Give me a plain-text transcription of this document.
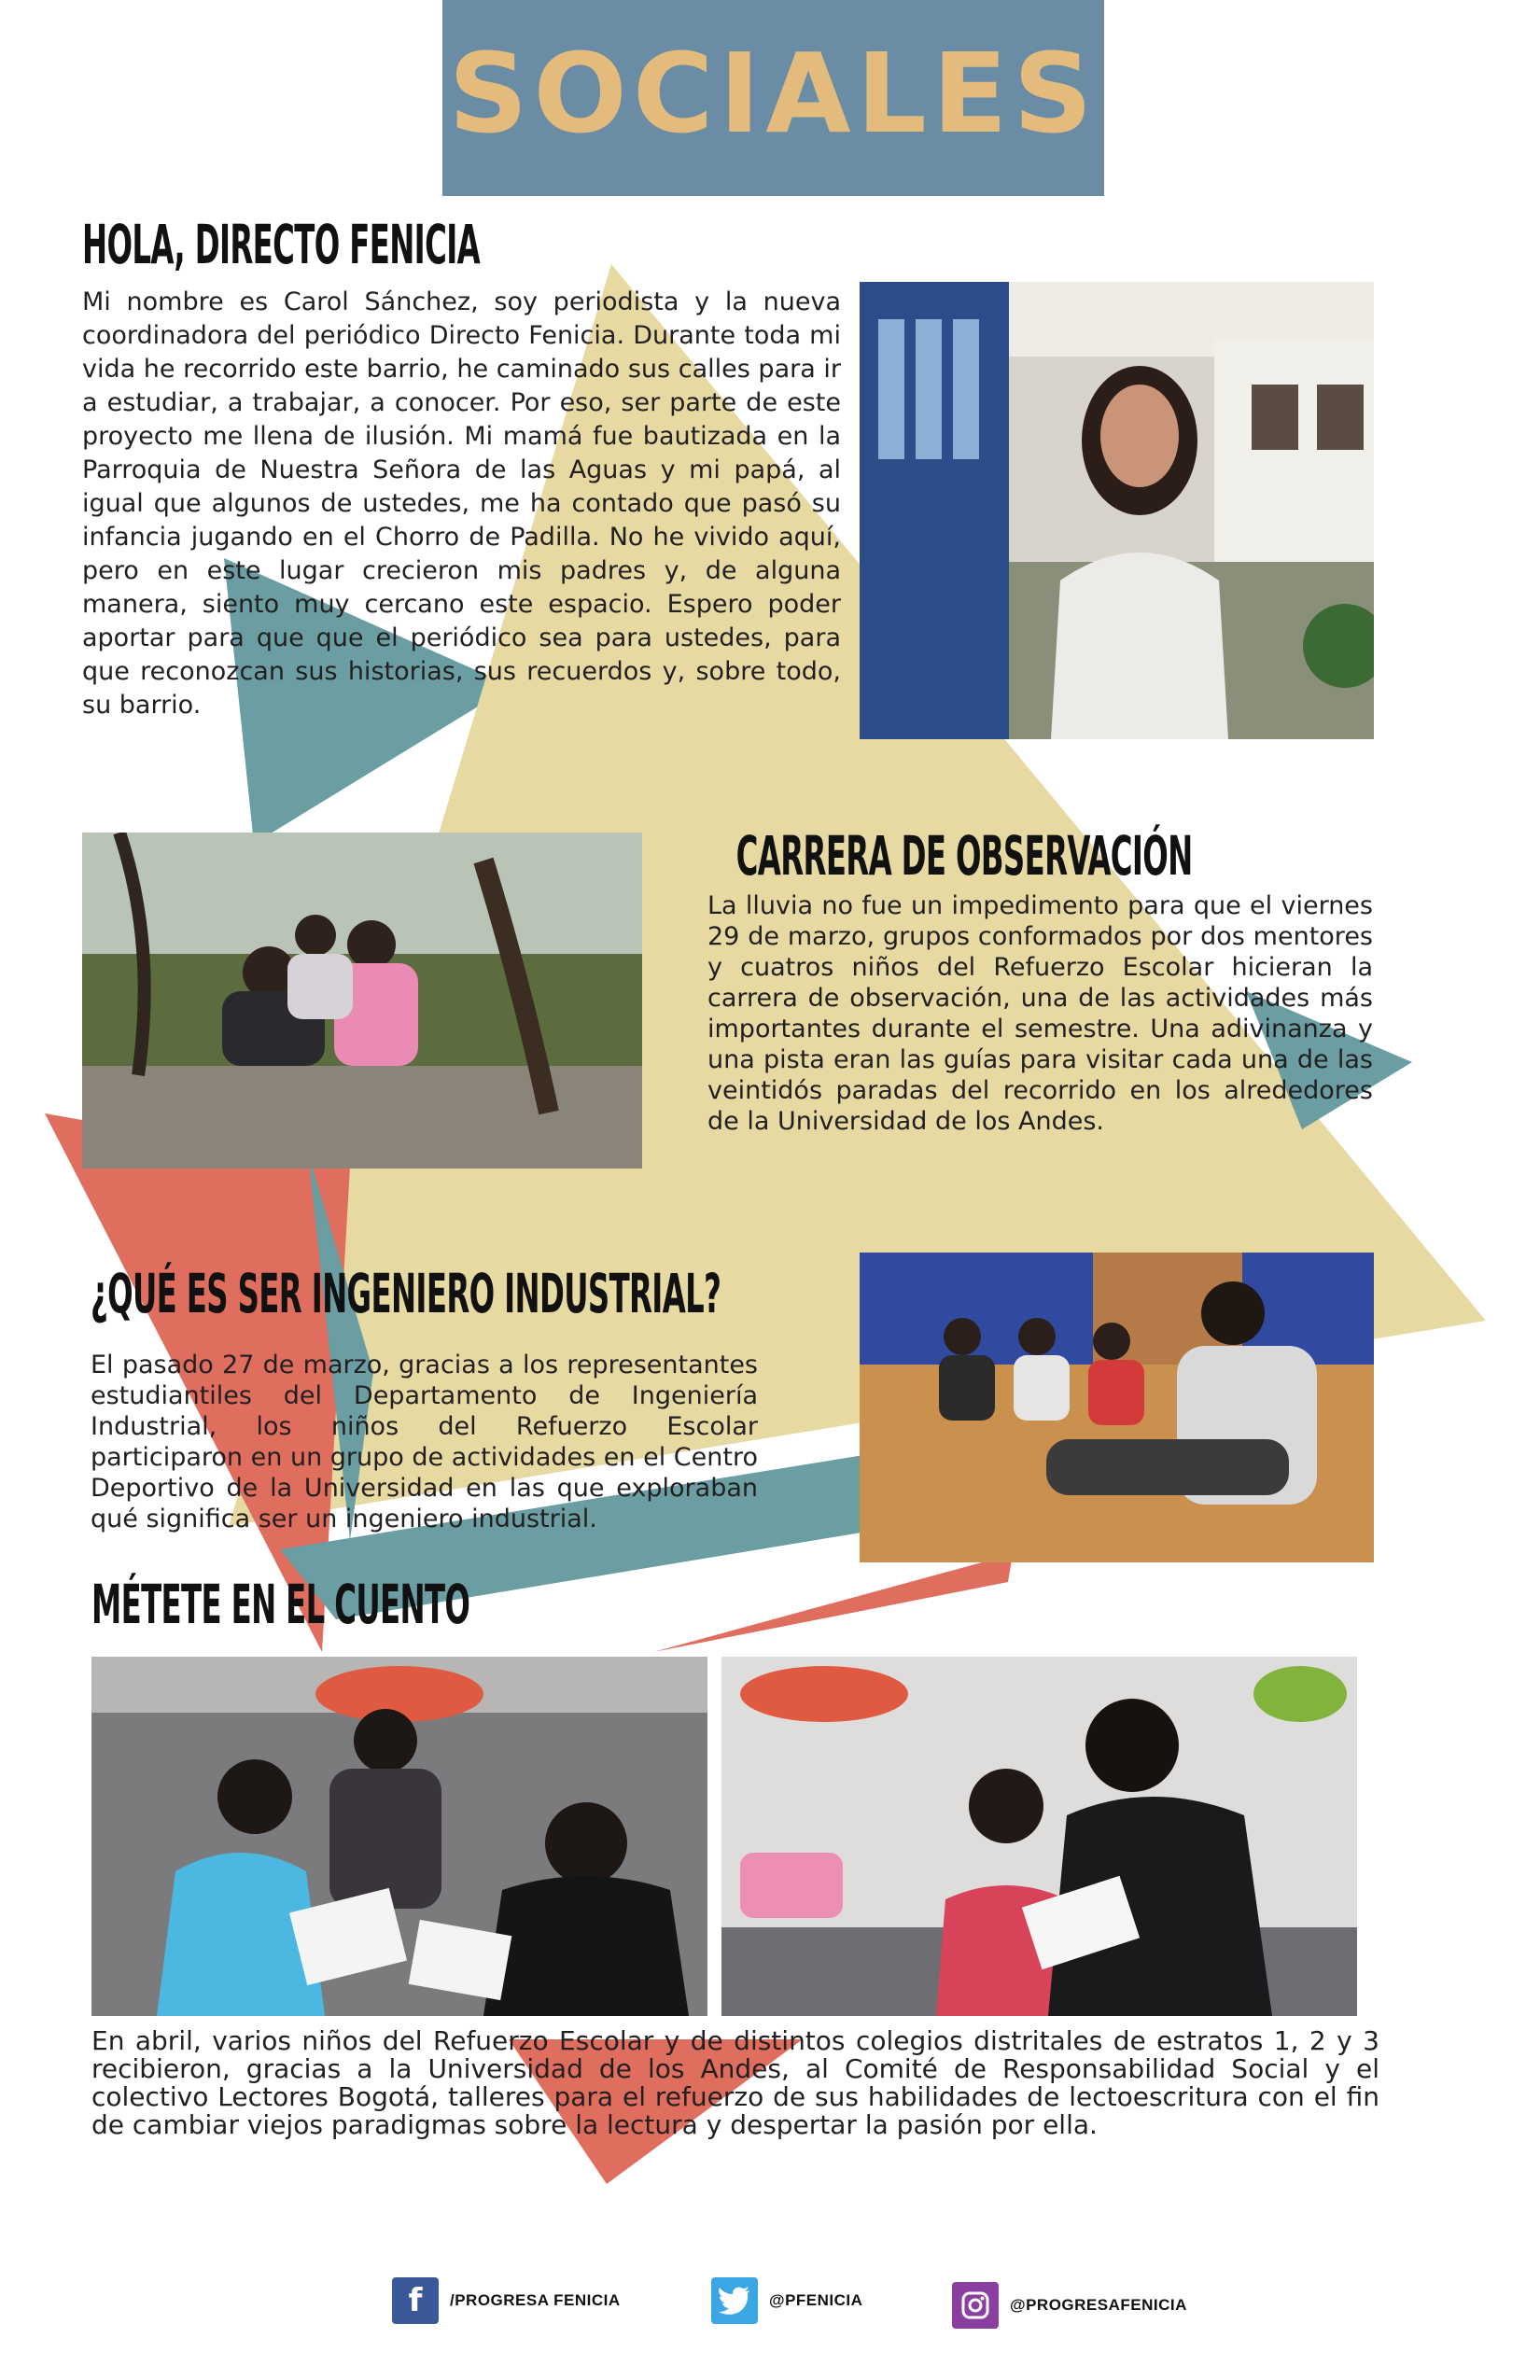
SOCIALES
HOLA, DIRECTO FENICIA

Mi nombre es Carol Sánchez, soy periodista y la nueva coordinadora del periódico Directo Fenicia. Durante toda mi vida he recorrido este barrio, he caminado sus calles para ir a estudiar, a trabajar, a conocer. Por eso, ser parte de este proyecto me llena de ilusión. Mi mamá fue bautizada en la Parroquia de Nuestra Señora de las Aguas y mi papá, al igual que algunos de ustedes, me ha contado que pasó su infancia jugando en el Chorro de Padilla. No he vivido aquí, pero en este lugar crecieron mis padres y, de alguna manera, siento muy cercano este espacio. Espero poder aportar para que que el periódico sea para ustedes, para que reconozcan sus historias, sus recuerdos y, sobre todo, su barrio.

CARRERA DE OBSERVACIÓN

La lluvia no fue un impedimento para que el viernes 29 de marzo, grupos conformados por dos mentores y cuatros niños del Refuerzo Escolar hicieran la carrera de observación, una de las actividades más importantes durante el semestre. Una adivinanza y una pista eran las guías para visitar cada una de las veintidós paradas del recorrido en los alrededores de la Universidad de los Andes.

¿QUÉ ES SER INGENIERO INDUSTRIAL?

El pasado 27 de marzo, gracias a los representantes estudiantiles del Departamento de Ingeniería Industrial, los niños del Refuerzo Escolar participaron en un grupo de actividades en el Centro Deportivo de la Universidad en las que exploraban qué significa ser un ingeniero industrial.

MÉTETE EN EL CUENTO

En abril, varios niños del Refuerzo Escolar y de distintos colegios distritales de estratos 1, 2 y 3 recibieron, gracias a la Universidad de los Andes, al Comité de Responsabilidad Social y el colectivo Lectores Bogotá, talleres para el refuerzo de sus habilidades de lectoescritura con el fin de cambiar viejos paradigmas sobre la lectura y despertar la pasión por ella.

f	/PROGRESA FENICIA	@PFENICIA	@PROGRESAFENICIA
